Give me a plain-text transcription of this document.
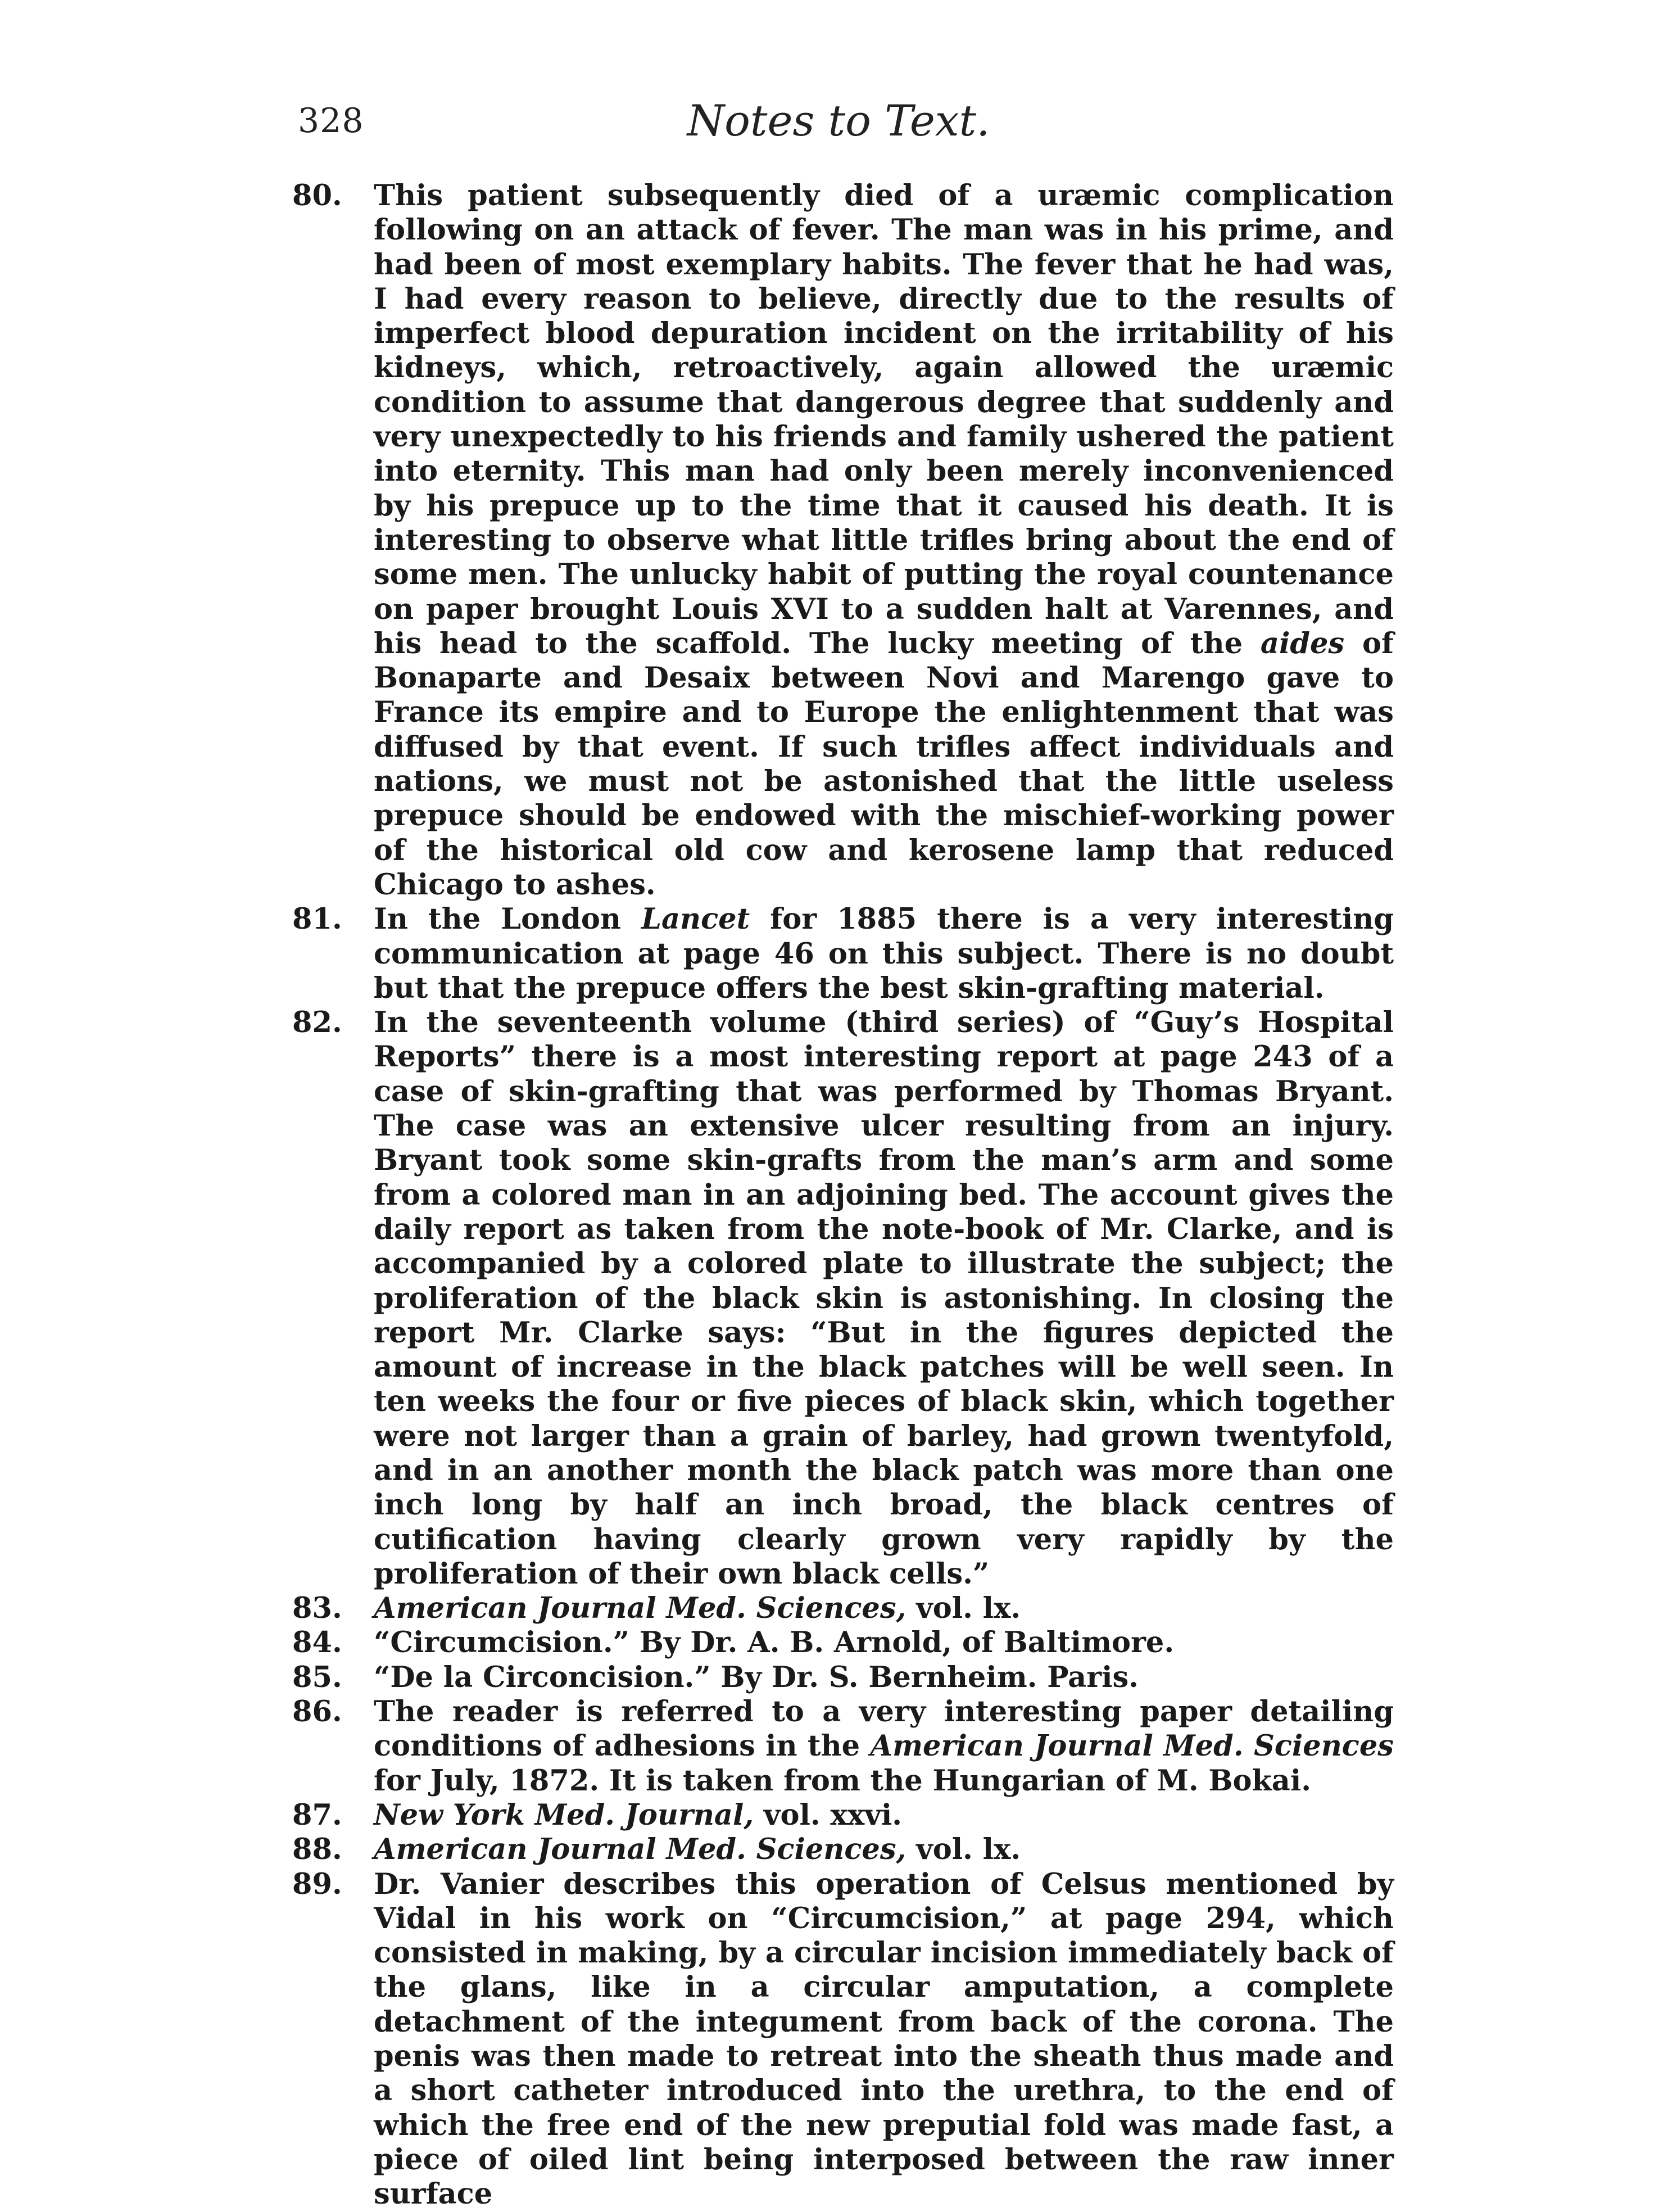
328	Notes to Text.

80.	This patient subsequently died of a uræmic complication following on an attack of fever. The man was in his prime, and had been of most exemplary habits. The fever that he had was, I had every reason to believe, directly due to the results of imperfect blood depuration incident on the irritability of his kidneys, which, retroactively, again allowed the uræmic condition to assume that dangerous degree that suddenly and very unexpectedly to his friends and family ushered the patient into eternity. This man had only been merely inconvenienced by his prepuce up to the time that it caused his death. It is interesting to observe what little trifles bring about the end of some men. The unlucky habit of putting the royal countenance on paper brought Louis XVI to a sudden halt at Varennes, and his head to the scaffold. The lucky meeting of the aides of Bonaparte and Desaix between Novi and Marengo gave to France its empire and to Europe the enlightenment that was diffused by that event. If such trifles affect individuals and nations, we must not be astonished that the little useless prepuce should be endowed with the mischief-working power of the historical old cow and kerosene lamp that reduced Chicago to ashes.

81.	In the London Lancet for 1885 there is a very interesting communication at page 46 on this subject. There is no doubt but that the prepuce offers the best skin-grafting material.

82.	In the seventeenth volume (third series) of “Guy’s Hospital Reports” there is a most interesting report at page 243 of a case of skin-grafting that was performed by Thomas Bryant. The case was an extensive ulcer resulting from an injury. Bryant took some skin-grafts from the man’s arm and some from a colored man in an adjoining bed. The account gives the daily report as taken from the note-book of Mr. Clarke, and is accompanied by a colored plate to illustrate the subject; the proliferation of the black skin is astonishing. In closing the report Mr. Clarke says: “But in the figures depicted the amount of increase in the black patches will be well seen. In ten weeks the four or five pieces of black skin, which together were not larger than a grain of barley, had grown twentyfold, and in an another month the black patch was more than one inch long by half an inch broad, the black centres of cutification having clearly grown very rapidly by the proliferation of their own black cells.”

83.	American Journal Med. Sciences, vol. lx.

84.	“Circumcision.” By Dr. A. B. Arnold, of Baltimore.

85.	“De la Circoncision.” By Dr. S. Bernheim. Paris.

86.	The reader is referred to a very interesting paper detailing conditions of adhesions in the American Journal Med. Sciences for July, 1872. It is taken from the Hungarian of M. Bokai.

87.	New York Med. Journal, vol. xxvi.

88.	American Journal Med. Sciences, vol. lx.

89.	Dr. Vanier describes this operation of Celsus mentioned by Vidal in his work on “Circumcision,” at page 294, which consisted in making, by a circular incision immediately back of the glans, like in a circular amputation, a complete detachment of the integument from back of the corona. The penis was then made to retreat into the sheath thus made and a short catheter introduced into the urethra, to the end of which the free end of the new preputial fold was made fast, a piece of oiled lint being interposed between the raw inner surface
